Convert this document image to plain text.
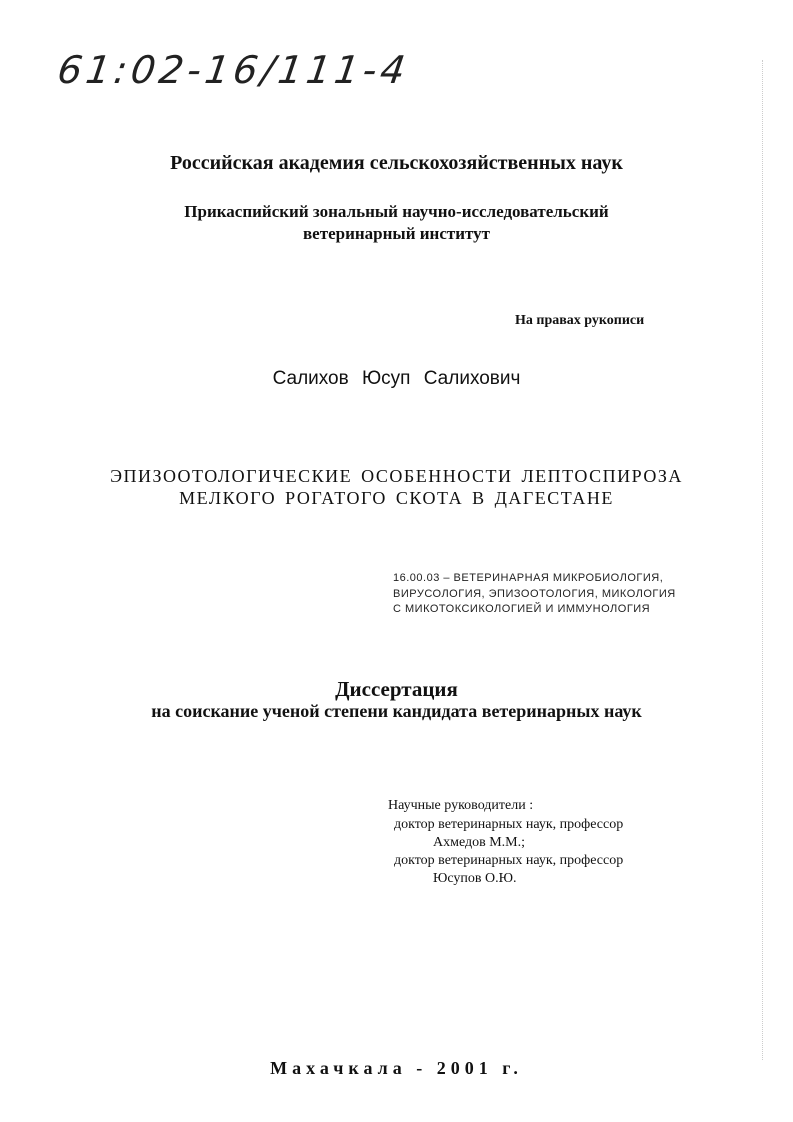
61:02-16/111-4
Российская академия сельскохозяйственных наук
Прикаспийский зональный научно-исследовательский
ветеринарный институт
На правах рукописи
Салихов Юсуп Салихович
ЭПИЗООТОЛОГИЧЕСКИЕ ОСОБЕННОСТИ ЛЕПТОСПИРОЗА
МЕЛКОГО РОГАТОГО СКОТА В ДАГЕСТАНЕ
16.00.03 – ВЕТЕРИНАРНАЯ МИКРОБИОЛОГИЯ,
ВИРУСОЛОГИЯ, ЭПИЗООТОЛОГИЯ, МИКОЛОГИЯ
С МИКОТОКСИКОЛОГИЕЙ И ИММУНОЛОГИЯ
Диссертация
на соискание ученой степени кандидата ветеринарных наук
Научные руководители :
доктор ветеринарных наук, профессор
Ахмедов М.М.;
доктор ветеринарных наук, профессор
Юсупов О.Ю.
Махачкала - 2001 г.
